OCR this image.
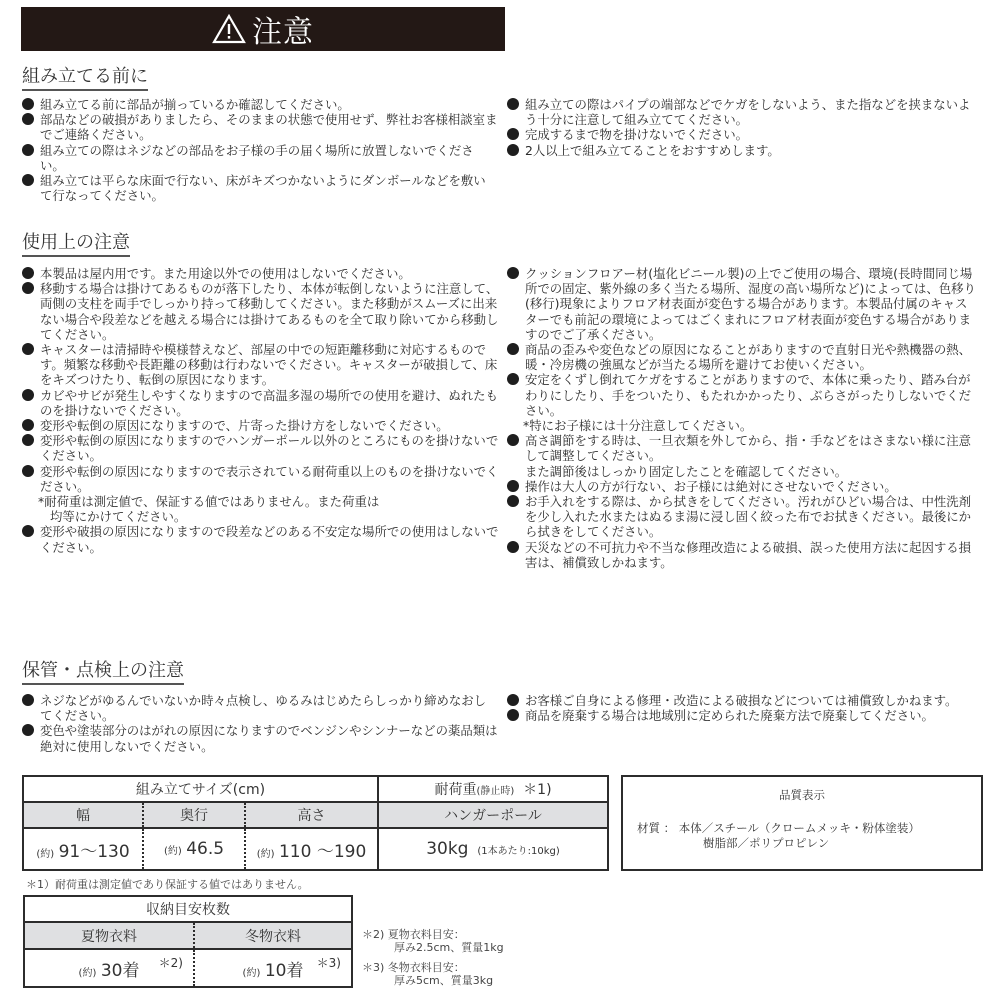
注意
組み立てる前に
組み立てる前に部品が揃っているか確認してください。
部品などの破損がありましたら、そのままの状態で使用せず、弊社お客様相談室までご連絡ください。
組み立ての際はネジなどの部品をお子様の手の届く場所に放置しないでください。
組み立ては平らな床面で行ない、床がキズつかないようにダンボールなどを敷いて行なってください。
組み立ての際はパイプの端部などでケガをしないよう、また指などを挟まないよう十分に注意して組み立ててください。
完成するまで物を掛けないでください。
2人以上で組み立てることをおすすめします。
使用上の注意
本製品は屋内用です。また用途以外での使用はしないでください。
移動する場合は掛けてあるものが落下したり、本体が転倒しないように注意して、両側の支柱を両手でしっかり持って移動してください。また移動がスムーズに出来ない場合や段差などを越える場合には掛けてあるものを全て取り除いてから移動してください。
キャスターは清掃時や模様替えなど、部屋の中での短距離移動に対応するものです。頻繁な移動や長距離の移動は行わないでください。キャスターが破損して、床をキズつけたり、転倒の原因になります。
カビやサビが発生しやすくなりますので高温多湿の場所での使用を避け、ぬれたものを掛けないでください。
変形や転倒の原因になりますので、片寄った掛け方をしないでください。
変形や転倒の原因になりますのでハンガーポール以外のところにものを掛けないでください。
変形や転倒の原因になりますので表示されている耐荷重以上のものを掛けないでください。
*耐荷重は測定値で、保証する値ではありません。また荷重は
均等にかけてください。
変形や破損の原因になりますので段差などのある不安定な場所での使用はしないでください。
クッションフロアー材(塩化ビニール製)の上でご使用の場合、環境(長時間同じ場所での固定、紫外線の多く当たる場所、湿度の高い場所など)によっては、色移り(移行)現象によりフロア材表面が変色する場合があります。本製品付属のキャスターでも前記の環境によってはごくまれにフロア材表面が変色する場合がありますのでご了承ください。
商品の歪みや変色などの原因になることがありますので直射日光や熱機器の熱、暖・冷房機の強風などが当たる場所を避けてお使いください。
安定をくずし倒れてケガをすることがありますので、本体に乗ったり、踏み台がわりにしたり、手をついたり、もたれかかったり、ぶらさがったりしないでください。
*特にお子様には十分注意してください。
高さ調節をする時は、一旦衣類を外してから、指・手などをはさまない様に注意して調整してください。
また調節後はしっかり固定したことを確認してください。
操作は大人の方が行ない、お子様には絶対にさせないでください。
お手入れをする際は、から拭きをしてください。汚れがひどい場合は、中性洗剤を少し入れた水またはぬるま湯に浸し固く絞った布でお拭きください。最後にから拭きをしてください。
天災などの不可抗力や不当な修理改造による破損、誤った使用方法に起因する損害は、補償致しかねます。
保管・点検上の注意
ネジなどがゆるんでいないか時々点検し、ゆるみはじめたらしっかり締めなおしてください。
変色や塗装部分のはがれの原因になりますのでベンジンやシンナーなどの薬品類は絶対に使用しないでください。
お客様ご自身による修理・改造による破損などについては補償致しかねます。
商品を廃棄する場合は地域別に定められた廃棄方法で廃棄してください。
組み立てサイズ(cm)			耐荷重(静止時) ＊1)
幅	奥行	高さ	ハンガーポール
(約) 91〜130	(約) 46.5	(約) 110 〜190	30kg (1本あたり:10kg)
＊1）耐荷重は測定値であり保証する値ではありません。
品質表示
材質 ： 本体／スチール（クロームメッキ・粉体塗装）
樹脂部／ポリプロピレン
収納目安枚数	
夏物衣料	冬物衣料
(約) 30着 ＊2)	(約) 10着 ＊3)
＊2) 夏物衣料目安：
厚み2.5cm、質量1kg
＊3) 冬物衣料目安：
厚み5cm、質量3kg
